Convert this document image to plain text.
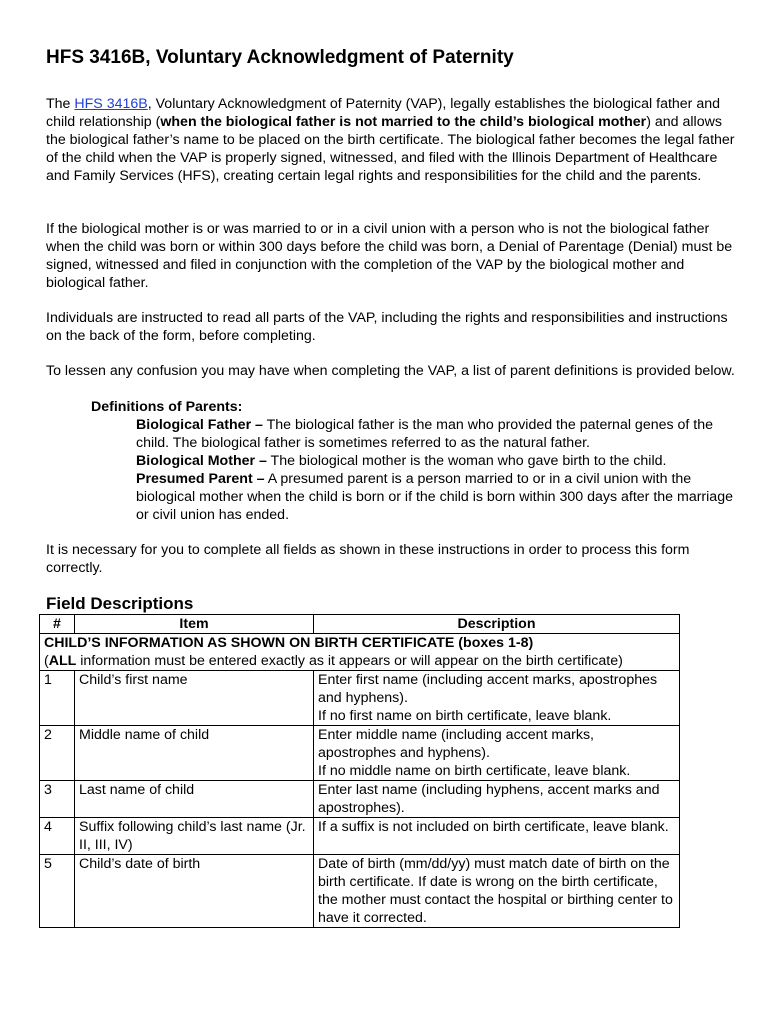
HFS 3416B, Voluntary Acknowledgment of Paternity

The HFS 3416B, Voluntary Acknowledgment of Paternity (VAP), legally establishes the biological father and child relationship (when the biological father is not married to the child’s biological mother) and allows the biological father’s name to be placed on the birth certificate. The biological father becomes the legal father of the child when the VAP is properly signed, witnessed, and filed with the Illinois Department of Healthcare and Family Services (HFS), creating certain legal rights and responsibilities for the child and the parents.

If the biological mother is or was married to or in a civil union with a person who is not the biological father when the child was born or within 300 days before the child was born, a Denial of Parentage (Denial) must be signed, witnessed and filed in conjunction with the completion of the VAP by the biological mother and biological father.

Individuals are instructed to read all parts of the VAP, including the rights and responsibilities and instructions on the back of the form, before completing.

To lessen any confusion you may have when completing the VAP, a list of parent definitions is provided below.

Definitions of Parents:

Biological Father – The biological father is the man who provided the paternal genes of the child. The biological father is sometimes referred to as the natural father.

Biological Mother – The biological mother is the woman who gave birth to the child.

Presumed Parent – A presumed parent is a person married to or in a civil union with the biological mother when the child is born or if the child is born within 300 days after the marriage or civil union has ended.

It is necessary for you to complete all fields as shown in these instructions in order to process this form correctly.

Field Descriptions
#	Item	Description
CHILD’S INFORMATION AS SHOWN ON BIRTH CERTIFICATE (boxes 1-8)
(ALL information must be entered exactly as it appears or will appear on the birth certificate)		
1	Child’s first name	Enter first name (including accent marks, apostrophes and hyphens).
If no first name on birth certificate, leave blank.

2	Middle name of child	Enter middle name (including accent marks, apostrophes and hyphens).
If no middle name on birth certificate, leave blank.

3	Last name of child	Enter last name (including hyphens, accent marks and apostrophes).

4	Suffix following child’s last name (Jr. II, III, IV)	If a suffix is not included on birth certificate, leave blank.

5	Child’s date of birth	Date of birth (mm/dd/yy) must match date of birth on the birth certificate. If date is wrong on the birth certificate, the mother must contact the hospital or birthing center to have it corrected.
